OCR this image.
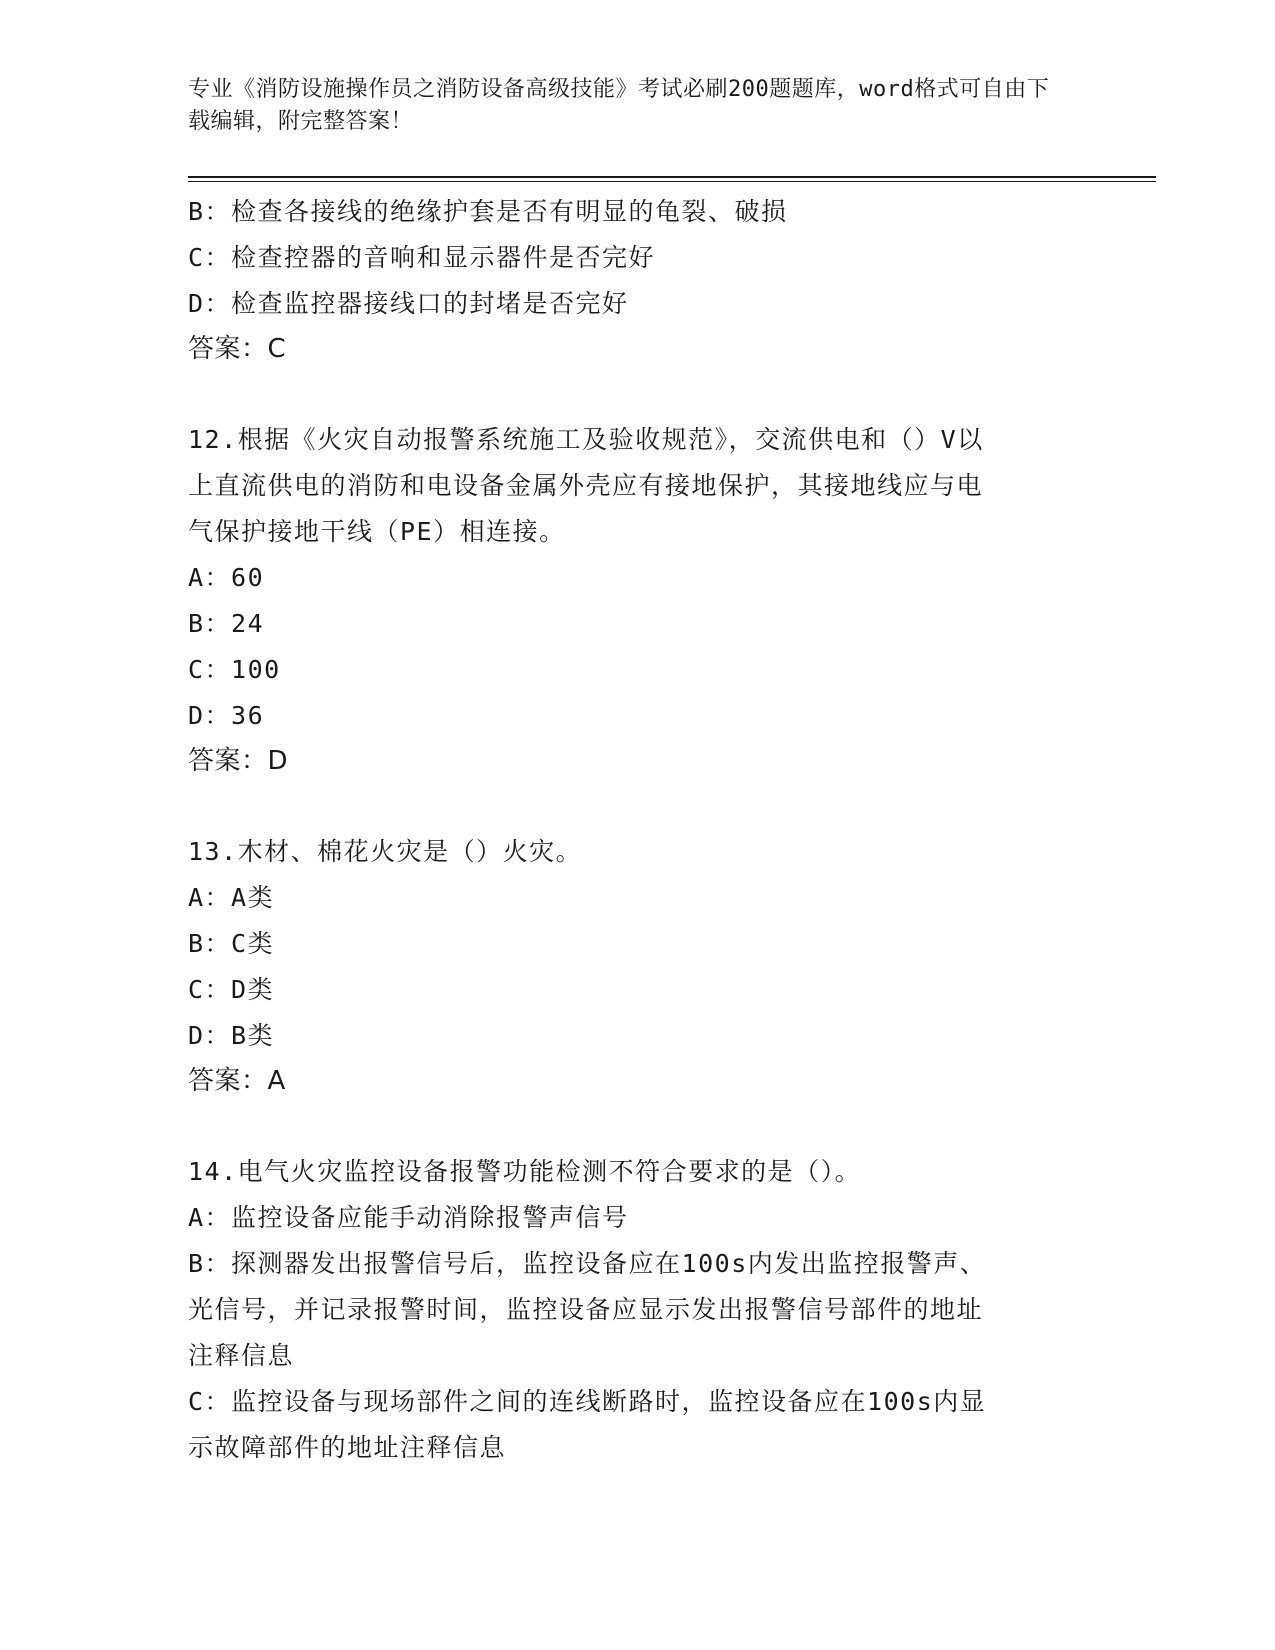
专业《消防设施操作员之消防设备高级技能》考试必刷200题题库，word格式可自由下载编辑，附完整答案！
B：检查各接线的绝缘护套是否有明显的龟裂、破损
C：检查控器的音响和显示器件是否完好
D：检查监控器接线口的封堵是否完好
答案：C
12.根据《火灾自动报警系统施工及验收规范》，交流供电和（）V以
上直流供电的消防和电设备金属外壳应有接地保护，其接地线应与电
气保护接地干线（PE）相连接。
A：60
B：24
C：100
D：36
答案：D
13.木材、棉花火灾是（）火灾。
A：A类
B：C类
C：D类
D：B类
答案：A
14.电气火灾监控设备报警功能检测不符合要求的是（）。
A：监控设备应能手动消除报警声信号
B：探测器发出报警信号后，监控设备应在100s内发出监控报警声、
光信号，并记录报警时间，监控设备应显示发出报警信号部件的地址
注释信息
C：监控设备与现场部件之间的连线断路时，监控设备应在100s内显
示故障部件的地址注释信息
